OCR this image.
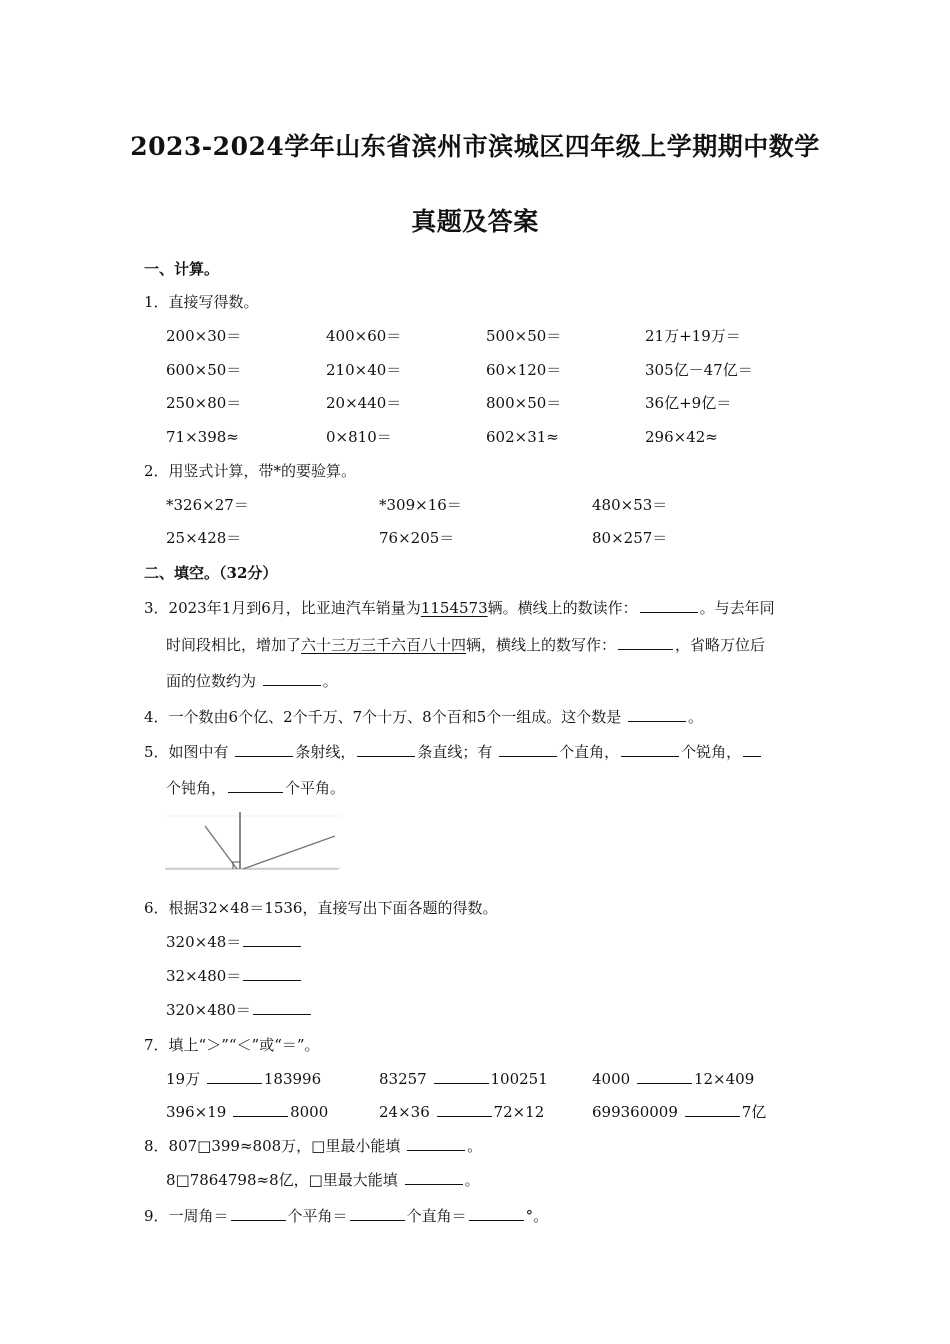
2023-2024学年山东省滨州市滨城区四年级上学期期中数学
真题及答案
一、计算。
1．直接写得数。
200×30＝	400×60＝	500×50＝	21万+19万＝
600×50＝	210×40＝	60×120＝	305亿－47亿＝
250×80＝	20×440＝	800×50＝	36亿+9亿＝
71×398≈	0×810＝	602×31≈	296×42≈
2．用竖式计算，带*的要验算。
*326×27＝	*309×16＝	480×53＝
25×428＝	76×205＝	80×257＝
二、填空。（32分）
3．2023年1月到6月，比亚迪汽车销量为1154573辆。横线上的数读作：	。与去年同
时间段相比，增加了六十三万三千六百八十四辆，横线上的数写作：	，省略万位后
面的位数约为	。
4．一个数由6个亿、2个千万、7个十万、8个百和5个一组成。这个数是	。
5．如图中有	条射线，	条直线；有	个直角，	个锐角，
个钝角，	个平角。
6．根据32×48＝1536，直接写出下面各题的得数。
320×48＝
32×480＝
320×480＝
7．填上“＞”“＜”或“＝”。
19万	183996	83257	100251	4000	12×409
396×19	8000	24×36	72×12	699360009	7亿
8．807□399≈808万，□里最小能填	。
8□7864798≈8亿，□里最大能填	。
9．一周角＝	个平角＝	个直角＝	°。
